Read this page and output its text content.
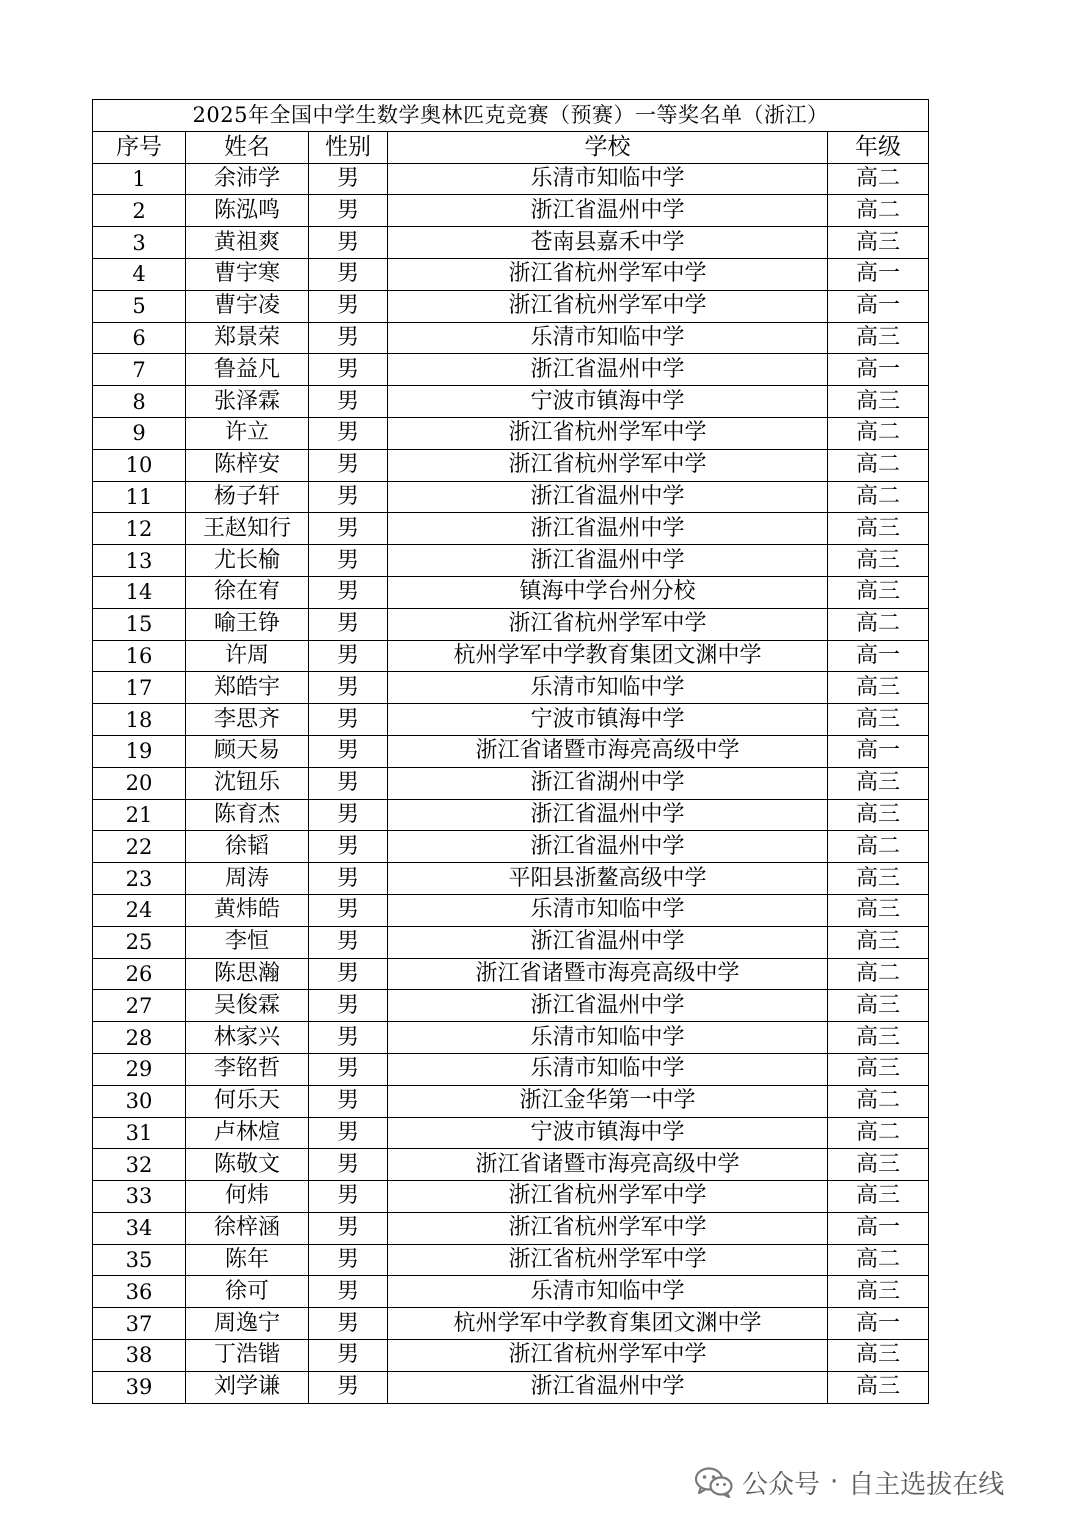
2025年全国中学生数学奥林匹克竞赛（预赛）一等奖名单（浙江）				
序号	姓名	性别	学校	年级
1	余沛学	男	乐清市知临中学	高二
2	陈泓鸣	男	浙江省温州中学	高二
3	黄祖爽	男	苍南县嘉禾中学	高三
4	曹宇寒	男	浙江省杭州学军中学	高一
5	曹宇凌	男	浙江省杭州学军中学	高一
6	郑景荣	男	乐清市知临中学	高三
7	鲁益凡	男	浙江省温州中学	高一
8	张泽霖	男	宁波市镇海中学	高三
9	许立	男	浙江省杭州学军中学	高二
10	陈梓安	男	浙江省杭州学军中学	高二
11	杨子轩	男	浙江省温州中学	高二
12	王赵知行	男	浙江省温州中学	高三
13	尤长榆	男	浙江省温州中学	高三
14	徐在宥	男	镇海中学台州分校	高三
15	喻王铮	男	浙江省杭州学军中学	高二
16	许周	男	杭州学军中学教育集团文渊中学	高一
17	郑皓宇	男	乐清市知临中学	高三
18	李思齐	男	宁波市镇海中学	高三
19	顾天易	男	浙江省诸暨市海亮高级中学	高一
20	沈钮乐	男	浙江省湖州中学	高三
21	陈育杰	男	浙江省温州中学	高三
22	徐韬	男	浙江省温州中学	高二
23	周涛	男	平阳县浙鳌高级中学	高三
24	黄炜皓	男	乐清市知临中学	高三
25	李恒	男	浙江省温州中学	高三
26	陈思瀚	男	浙江省诸暨市海亮高级中学	高二
27	吴俊霖	男	浙江省温州中学	高三
28	林家兴	男	乐清市知临中学	高三
29	李铭哲	男	乐清市知临中学	高三
30	何乐天	男	浙江金华第一中学	高二
31	卢林煊	男	宁波市镇海中学	高二
32	陈敬文	男	浙江省诸暨市海亮高级中学	高三
33	何炜	男	浙江省杭州学军中学	高三
34	徐梓涵	男	浙江省杭州学军中学	高一
35	陈年	男	浙江省杭州学军中学	高二
36	徐可	男	乐清市知临中学	高三
37	周逸宁	男	杭州学军中学教育集团文渊中学	高一
38	丁浩锴	男	浙江省杭州学军中学	高三
39	刘学谦	男	浙江省温州中学	高三
公众号 · 自主选拔在线
